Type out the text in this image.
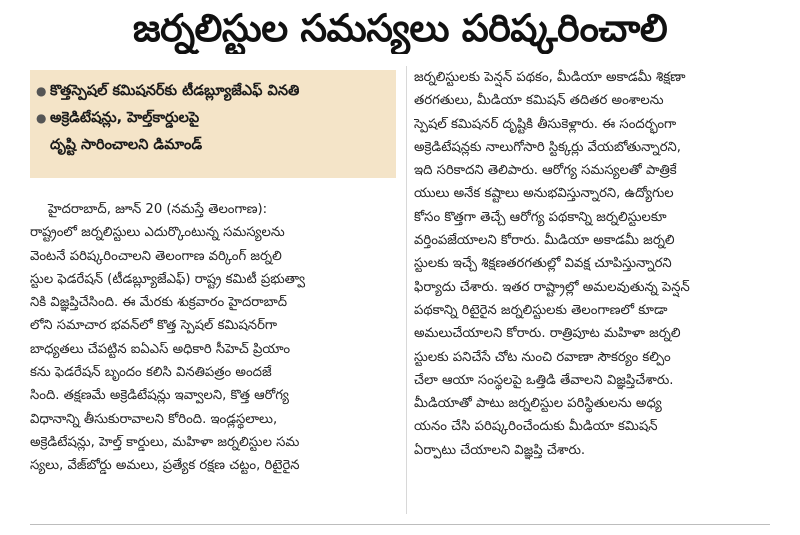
జర్నలిస్టుల సమస్యలు పరిష్కరించాలి
● కొత్తస్పెషల్ కమిషనర్‌కు టీడబ్ల్యూజేఎఫ్ వినతి
● అక్రెడిటేషన్లు, హెల్త్‌కార్డులపై
దృష్టి సారించాలని డిమాండ్
హైదరాబాద్, జూన్ 20 (నమస్తే తెలంగాణ):
రాష్ట్రంలో జర్నలిస్టులు ఎదుర్కొంటున్న సమస్యలను
వెంటనే పరిష్కరించాలని తెలంగాణ వర్కింగ్ జర్నలి
స్టుల ఫెడరేషన్ (టీడబ్ల్యూజేఎఫ్) రాష్ట్ర కమిటీ ప్రభుత్వా
నికి విజ్ఞప్తిచేసింది. ఈ మేరకు శుక్రవారం హైదరాబాద్
లోని సమాచార భవన్‌లో కొత్త స్పెషల్ కమిషనర్‌గా
బాధ్యతలు చేపట్టిన ఐఏఎస్ అధికారి సీహెచ్ ప్రియాం
కను ఫెడరేషన్ బృందం కలిసి వినతిపత్రం అందజే
సింది. తక్షణమే అక్రెడిటేషన్లు ఇవ్వాలని, కొత్త ఆరోగ్య
విధానాన్ని తీసుకురావాలని కోరింది. ఇండ్లస్థలాలు,
అక్రెడిటేషన్లు, హెల్త్ కార్డులు, మహిళా జర్నలిస్టుల సమ
స్యలు, వేజ్‌బోర్డు అమలు, ప్రత్యేక రక్షణ చట్టం, రిటైరైన
జర్నలిస్టులకు పెన్షన్ పథకం, మీడియా అకాడమీ శిక్షణా
తరగతులు, మీడియా కమిషన్ తదితర అంశాలను
స్పెషల్ కమిషనర్ దృష్టికి తీసుకెళ్లారు. ఈ సందర్భంగా
అక్రెడిటేషన్లకు నాలుగోసారి స్టిక్కర్లు వేయబోతున్నారని,
ఇది సరికాదని తెలిపారు. ఆరోగ్య సమస్యలతో పాత్రికే
యులు అనేక కష్టాలు అనుభవిస్తున్నారని, ఉద్యోగుల
కోసం కొత్తగా తెచ్చే ఆరోగ్య పథకాన్ని జర్నలిస్టులకూ
వర్తింపజేయాలని కోరారు. మీడియా అకాడమీ జర్నలి
స్టులకు ఇచ్చే శిక్షణతరగతుల్లో వివక్ష చూపిస్తున్నారని
ఫిర్యాదు చేశారు. ఇతర రాష్ట్రాల్లో అమలవుతున్న పెన్షన్
పథకాన్ని రిటైరైన జర్నలిస్టులకు తెలంగాణలో కూడా
అమలుచేయాలని కోరారు. రాత్రిపూట మహిళా జర్నలి
స్టులకు పనిచేసే చోట నుంచి రవాణా సౌకర్యం కల్పిం
చేలా ఆయా సంస్థలపై ఒత్తిడి తేవాలని విజ్ఞప్తిచేశారు.
మీడియాతో పాటు జర్నలిస్టుల పరిస్థితులను అధ్య
యనం చేసి పరిష్కరించేందుకు మీడియా కమిషన్
ఏర్పాటు చేయాలని విజ్ఞప్తి చేశారు.
